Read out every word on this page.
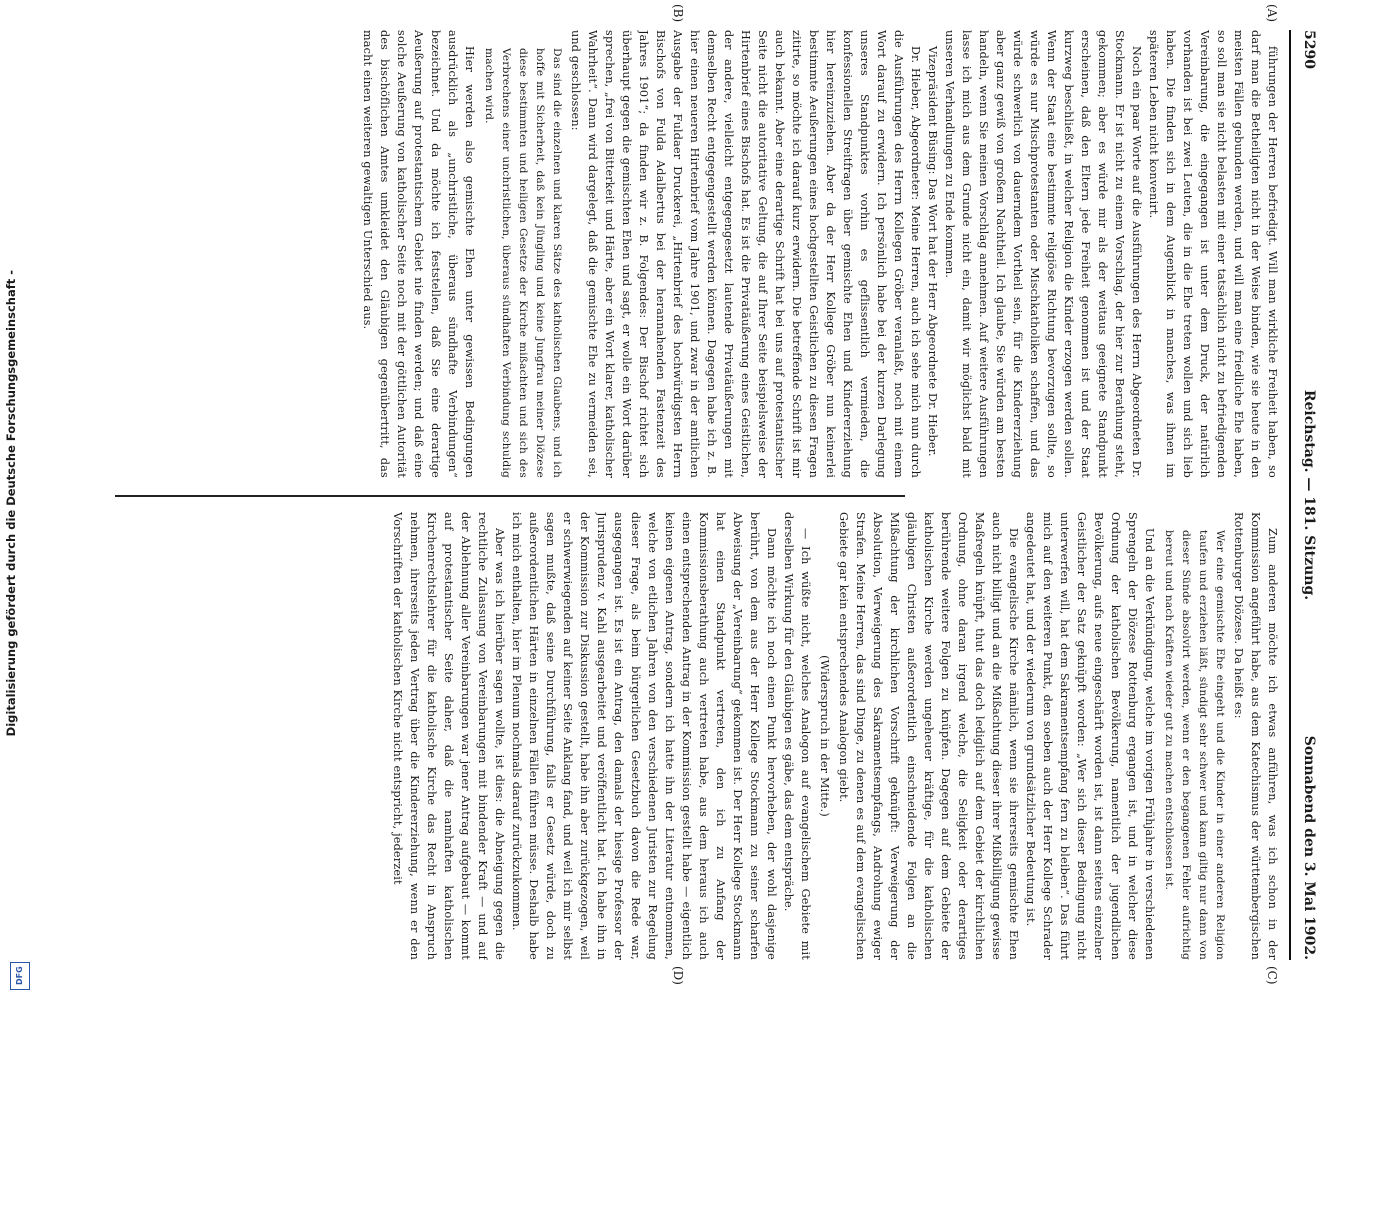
5290
Reichstag. — 181. Sitzung.
Sonnabend den 3. Mai 1902.
(A)
(B)
(C)
(D)

führungen der Herren befriedigt. Will man wirkliche Freiheit haben, so darf man die Betheiligten nicht in der Weise binden, wie sie heute in den meisten Fällen gebunden werden, und will man eine friedliche Ehe haben, so soll man sie nicht belasten mit einer tatsächlich nicht zu befriedigenden Vereinbarung, die eingegangen ist unter dem Druck, der natürlich vorhanden ist bei zwei Leuten, die in die Ehe treten wollen und sich lieb haben. Die finden sich in dem Augenblick in manches, was ihnen im späteren Leben nicht konvenirt.

Noch ein paar Worte auf die Ausführungen des Herrn Abgeordneten Dr. Stockmann. Er ist nicht zu einem Vorschlag, der hier zur Berathung steht, gekommen; aber es würde mir als der weitaus geeignete Standpunkt erscheinen, daß den Eltern jede Freiheit genommen ist und der Staat kurzweg beschließt, in welcher Religion die Kinder erzogen werden sollen. Wenn der Staat eine bestimmte religiöse Richtung bevorzugen sollte, so würde es nur Mischprotestanten oder Mischkatholiken schaffen, und das würde schwerlich von dauerndem Vortheil sein, für die Kindererziehung aber ganz gewiß von großem Nachtheil. Ich glaube, Sie würden am besten handeln, wenn Sie meinen Vorschlag annehmen. Auf weitere Ausführungen lasse ich mich aus dem Grunde nicht ein, damit wir möglichst bald mit unseren Verhandlungen zu Ende kommen.

Vizepräsident Büsing: Das Wort hat der Herr Abgeordnete Dr. Hieber.

Dr. Hieber, Abgeordneter: Meine Herren, auch ich sehe mich nun durch die Ausführungen des Herrn Kollegen Gröber veranlaßt, noch mit einem Wort darauf zu erwidern. Ich persönlich habe bei der kurzen Darlegung unseres Standpunktes vorhin es geflissentlich vermieden, die konfessionellen Streitfragen über gemischte Ehen und Kindererziehung hier hereinzuziehen. Aber da der Herr Kollege Gröber nun keinerlei bestimmte Aeußerungen eines hochgestellten Geistlichen zu diesen Fragen zitirte, so möchte ich darauf kurz erwidern. Die betreffende Schrift ist mir auch bekannt. Aber eine derartige Schrift hat bei uns auf protestantischer Seite nicht die autoritative Geltung, die auf Ihrer Seite beispielsweise der Hirtenbrief eines Bischofs hat. Es ist die Privatäußerung eines Geistlichen, der andere, vielleicht entgegengesetzt lautende Privatäußerungen mit demselben Recht entgegengestellt werden können. Dagegen habe ich z. B. hier einen neueren Hirtenbrief vom Jahre 1901, und zwar in der amtlichen Ausgabe der Fuldaer Druckerei, „Hirtenbrief des hochwürdigsten Herrn Bischofs von Fulda Adalbertus bei der herannahenden Fastenzeit des Jahres 1901“; da finden wir z. B. Folgendes: Der Bischof richtet sich überhaupt gegen die gemischten Ehen und sagt, er wolle ein Wort darüber sprechen, „frei von Bitterkeit und Härte, aber ein Wort klarer, katholischer Wahrheit“. Dann wird dargelegt, daß die gemischte Ehe zu vermeiden sei, und geschlossen:

Das sind die einzelnen und klaren Sätze des katholischen Glaubens, und ich hoffe mit Sicherheit, daß kein Jüngling und keine Jungfrau meiner Diözese diese bestimmten und heiligen Gesetze der Kirche mißachten und sich des Verbrechens einer unchristlichen, überaus sündhaften Verbindung schuldig machen wird.

Hier werden also gemischte Ehen unter gewissen Bedingungen ausdrücklich als „unchristliche, überaus sündhafte Verbindungen“ bezeichnet. Und da möchte ich feststellen, daß Sie eine derartige Aeußerung auf protestantischem Gebiet nie finden werden; und daß eine solche Aeußerung von katholischer Seite noch mit der göttlichen Autorität des bischöflichen Amtes umkleidet den Gläubigen gegenübertritt, das macht einen weiteren gewaltigen Unterschied aus.

Zum anderen möchte ich etwas anführen, was ich schon in der Kommission angeführt habe, aus dem Katechismus der württembergischen Rottenburger Diözese. Da heißt es:

Wer eine gemischte Ehe eingeht und die Kinder in einer anderen Religion taufen und erziehen läßt, sündigt sehr schwer und kann giltig nur dann von dieser Sünde absolvirt werden, wenn er den begangenen Fehler aufrichtig bereut und nach Kräften wieder gut zu machen entschlossen ist.

Und an die Verkündigung, welche im vorigen Frühjahre in verschiedenen Sprengeln der Diözese Rottenburg ergangen ist, und in welcher diese Ordnung der katholischen Bevölkerung, namentlich der jugendlichen Bevölkerung, aufs neue eingeschärft worden ist, ist dann seitens einzelner Geistlicher der Satz geknüpft worden: „Wer sich dieser Bedingung nicht unterwerfen will, hat dem Sakramentsempfang fern zu bleiben“. Das führt mich auf den weiteren Punkt, den soeben auch der Herr Kollege Schrader angedeutet hat, und der wiederum von grundsätzlicher Bedeutung ist.

Die evangelische Kirche nämlich, wenn sie ihrerseits gemischte Ehen auch nicht billigt und an die Mißachtung dieser ihrer Mißbilligung gewisse Maßregeln knüpft, thut das doch lediglich auf dem Gebiet der kirchlichen Ordnung, ohne daran irgend welche, die Seligkeit oder derartiges berührende weitere Folgen zu knüpfen. Dagegen auf dem Gebiete der katholischen Kirche werden ungeheuer kräftige, für die katholischen gläubigen Christen außerordentlich einschneidende Folgen an die Mißachtung der kirchlichen Vorschrift geknüpft: Verweigerung der Absolution, Verweigerung des Sakramentsempfangs, Androhung ewiger Strafen. Meine Herren, das sind Dinge, zu denen es auf dem evangelischen Gebiete gar kein entsprechendes Analogon giebt.

(Widerspruch in der Mitte.)

— Ich wüßte nicht, welches Analogon auf evangelischem Gebiete mit derselben Wirkung für den Gläubigen es gäbe, das dem entspräche.

Dann möchte ich noch einen Punkt hervorheben, der wohl dasjenige berührt, von dem aus der Herr Kollege Stockmann zu seiner scharfen Abweisung der „Vereinbarung“ gekommen ist. Der Herr Kollege Stockmann hat einen Standpunkt vertreten, den ich zu Anfang der Kommissionsberathung auch vertreten habe, aus dem heraus ich auch einen entsprechenden Antrag in der Kommission gestellt habe — eigentlich keinen eigenen Antrag, sondern ich hatte ihn der Literatur entnommen, welche von etlichen Jahren von den verschiedenen Juristen zur Regelung dieser Frage, als beim bürgerlichen Gesetzbuch davon die Rede war, ausgegangen ist. Es ist ein Antrag, den damals der hiesige Professor der Jurisprudenz v. Kahl ausgearbeitet und veröffentlicht hat. Ich habe ihn in der Kommission zur Diskussion gestellt, habe ihn aber zurückgezogen, weil er schwerwiegenden auf keiner Seite Anklang fand, und weil ich mir selbst sagen mußte, daß seine Durchführung, falls er Gesetz würde, doch zu außerordentlichen Härten in einzelnen Fällen führen müsse. Deshalb habe ich mich enthalten, hier im Plenum nochmals darauf zurückzukommen.

Aber was ich hierüber sagen wollte, ist dies: die Abneigung gegen die rechtliche Zulassung von Vereinbarungen mit bindender Kraft — und auf der Ablehnung aller Vereinbarungen war jener Antrag aufgebaut — kommt auf protestantischer Seite daher, daß die namhaften katholischen Kirchenrechtslehrer für die katholische Kirche das Recht in Anspruch nehmen, ihrerseits jeden Vertrag über die Kindererziehung, wenn er den Vorschriften der katholischen Kirche nicht entspricht, jederzeit

Digitalisierung gefördert durch die Deutsche Forschungsgemeinschaft -
DFG
